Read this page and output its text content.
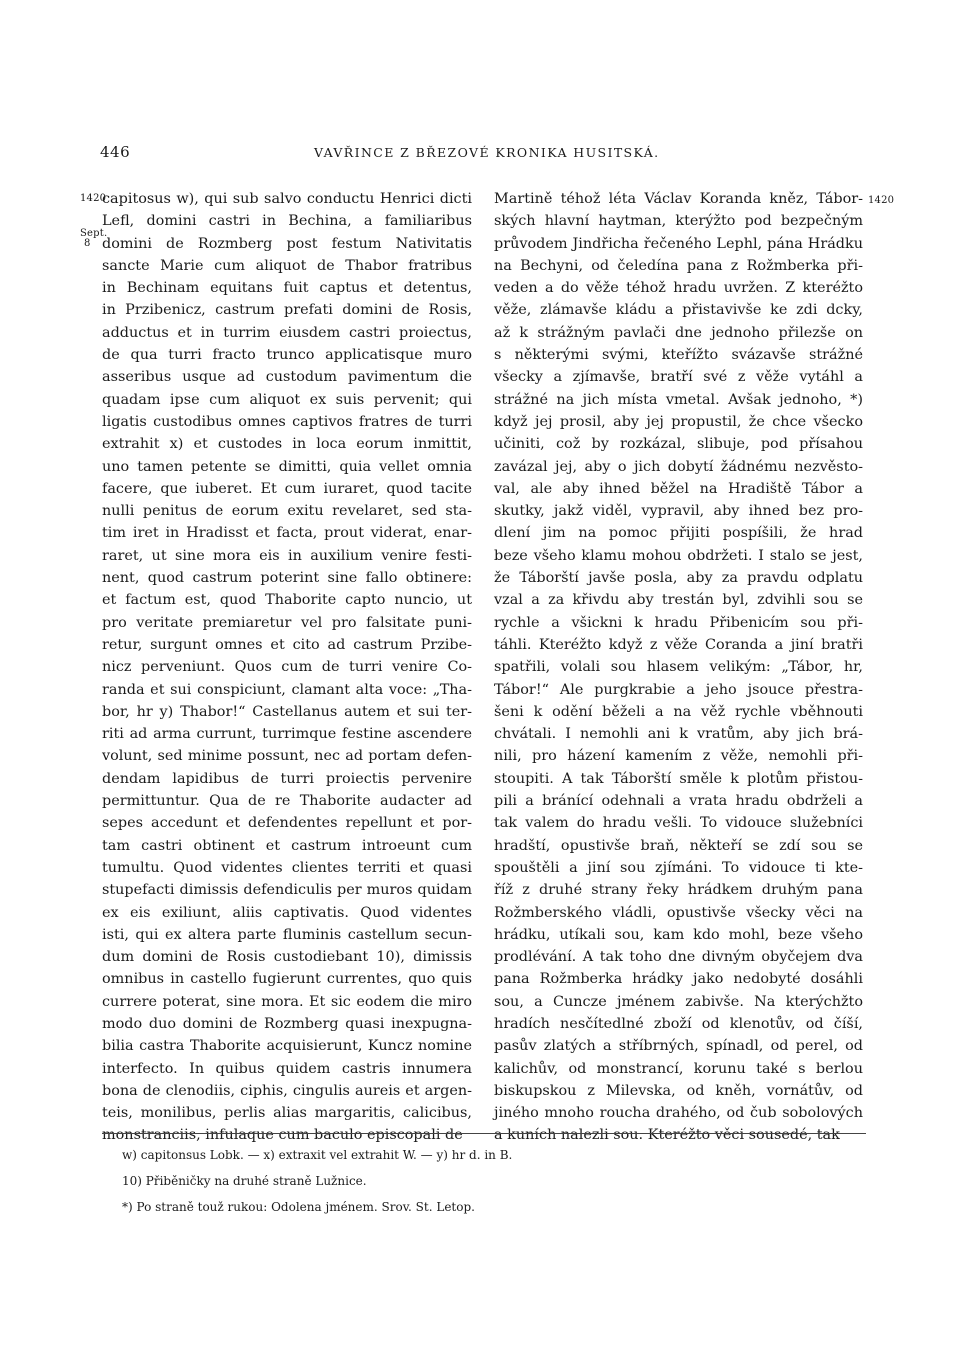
446	VAVŘINCE Z BŘEZOVÉ KRONIKA HUSITSKÁ.
1420
Sept.
8
1420
capitosus w), qui sub salvo conductu Henrici dicti
Lefl, domini castri in Bechina, a familiaribus
domini de Rozmberg post festum Nativitatis
sancte Marie cum aliquot de Thabor fratribus
in Bechinam equitans fuit captus et detentus,
in Przibenicz, castrum prefati domini de Rosis,
adductus et in turrim eiusdem castri proiectus,
de qua turri fracto trunco applicatisque muro
asseribus usque ad custodum pavimentum die
quadam ipse cum aliquot ex suis pervenit; qui
ligatis custodibus omnes captivos fratres de turri
extrahit x) et custodes in loca eorum inmittit,
uno tamen petente se dimitti, quia vellet omnia
facere, que iuberet. Et cum iuraret, quod tacite
nulli penitus de eorum exitu revelaret, sed sta-
tim iret in Hradisst et facta, prout viderat, enar-
raret, ut sine mora eis in auxilium venire festi-
nent, quod castrum poterint sine fallo obtinere:
et factum est, quod Thaborite capto nuncio, ut
pro veritate premiaretur vel pro falsitate puni-
retur, surgunt omnes et cito ad castrum Przibe-
nicz perveniunt. Quos cum de turri venire Co-
randa et sui conspiciunt, clamant alta voce: „Tha-
bor, hr y) Thabor!“ Castellanus autem et sui ter-
riti ad arma currunt, turrimque festine ascendere
volunt, sed minime possunt, nec ad portam defen-
dendam lapidibus de turri proiectis pervenire
permittuntur. Qua de re Thaborite audacter ad
sepes accedunt et defendentes repellunt et por-
tam castri obtinent et castrum introeunt cum
tumultu. Quod videntes clientes territi et quasi
stupefacti dimissis defendiculis per muros quidam
ex eis exiliunt, aliis captivatis. Quod videntes
isti, qui ex altera parte fluminis castellum secun-
dum domini de Rosis custodiebant 10), dimissis
omnibus in castello fugierunt currentes, quo quis
currere poterat, sine mora. Et sic eodem die miro
modo duo domini de Rozmberg quasi inexpugna-
bilia castra Thaborite acquisierunt, Kuncz nomine
interfecto. In quibus quidem castris innumera
bona de clenodiis, ciphis, cingulis aureis et argen-
teis, monilibus, perlis alias margaritis, calicibus,
monstranciis, infulaque cum baculo episcopali de
Martině téhož léta Václav Koranda kněz, Tábor-
ských hlavní haytman, kterýžto pod bezpečným
průvodem Jindřicha řečeného Lephl, pána Hrádku
na Bechyni, od čeledína pana z Rožmberka při-
veden a do věže téhož hradu uvržen. Z kteréžto
věže, zlámavše kládu a přistavivše ke zdi dcky,
až k strážným pavlači dne jednoho přilezše on
s některými svými, kteřížto svázavše strážné
všecky a zjímavše, bratří své z věže vytáhl a
strážné na jich místa vmetal. Avšak jednoho, *)
když jej prosil, aby jej propustil, že chce všecko
učiniti, což by rozkázal, slibuje, pod přísahou
zavázal jej, aby o jich dobytí žádnému nezvěsto-
val, ale aby ihned běžel na Hradiště Tábor a
skutky, jakž viděl, vypravil, aby ihned bez pro-
dlení jim na pomoc přijiti pospíšili, že hrad
beze všeho klamu mohou obdržeti. I stalo se jest,
že Táborští javše posla, aby za pravdu odplatu
vzal a za křivdu aby trestán byl, zdvihli sou se
rychle a všickni k hradu Přibenicím sou při-
táhli. Kteréžto když z věže Coranda a jiní bratři
spatřili, volali sou hlasem velikým: „Tábor, hr,
Tábor!“ Ale purgkrabie a jeho jsouce přestra-
šeni k odění běželi a na věž rychle vběhnouti
chvátali. I nemohli ani k vratům, aby jich brá-
nili, pro házení kamením z věže, nemohli při-
stoupiti. A tak Táborští směle k plotům přistou-
pili a bránící odehnali a vrata hradu obdrželi a
tak valem do hradu vešli. To vidouce služebníci
hradští, opustivše braň, někteří se zdí sou se
spouštěli a jiní sou zjímáni. To vidouce ti kte-
říž z druhé strany řeky hrádkem druhým pana
Rožmberského vládli, opustivše všecky věci na
hrádku, utíkali sou, kam kdo mohl, beze všeho
prodlévání. A tak toho dne divným obyčejem dva
pana Rožmberka hrádky jako nedobyté dosáhli
sou, a Cuncze jménem zabivše. Na kterýchžto
hradích nesčítedlné zboží od klenotův, od číší,
pasův zlatých a stříbrných, spínadl, od perel, od
kalichův, od monstrancí, korunu také s berlou
biskupskou z Milevska, od kněh, vornátův, od
jiného mnoho roucha drahého, od čub sobolových
a kuních nalezli sou. Kteréžto věci sousedé, tak
w) capitonsus Lobk. — x) extraxit vel extrahit W. — y) hr d. in B.
10) Přiběničky na druhé straně Lužnice.
*) Po straně touž rukou: Odolena jménem. Srov. St. Letop.
